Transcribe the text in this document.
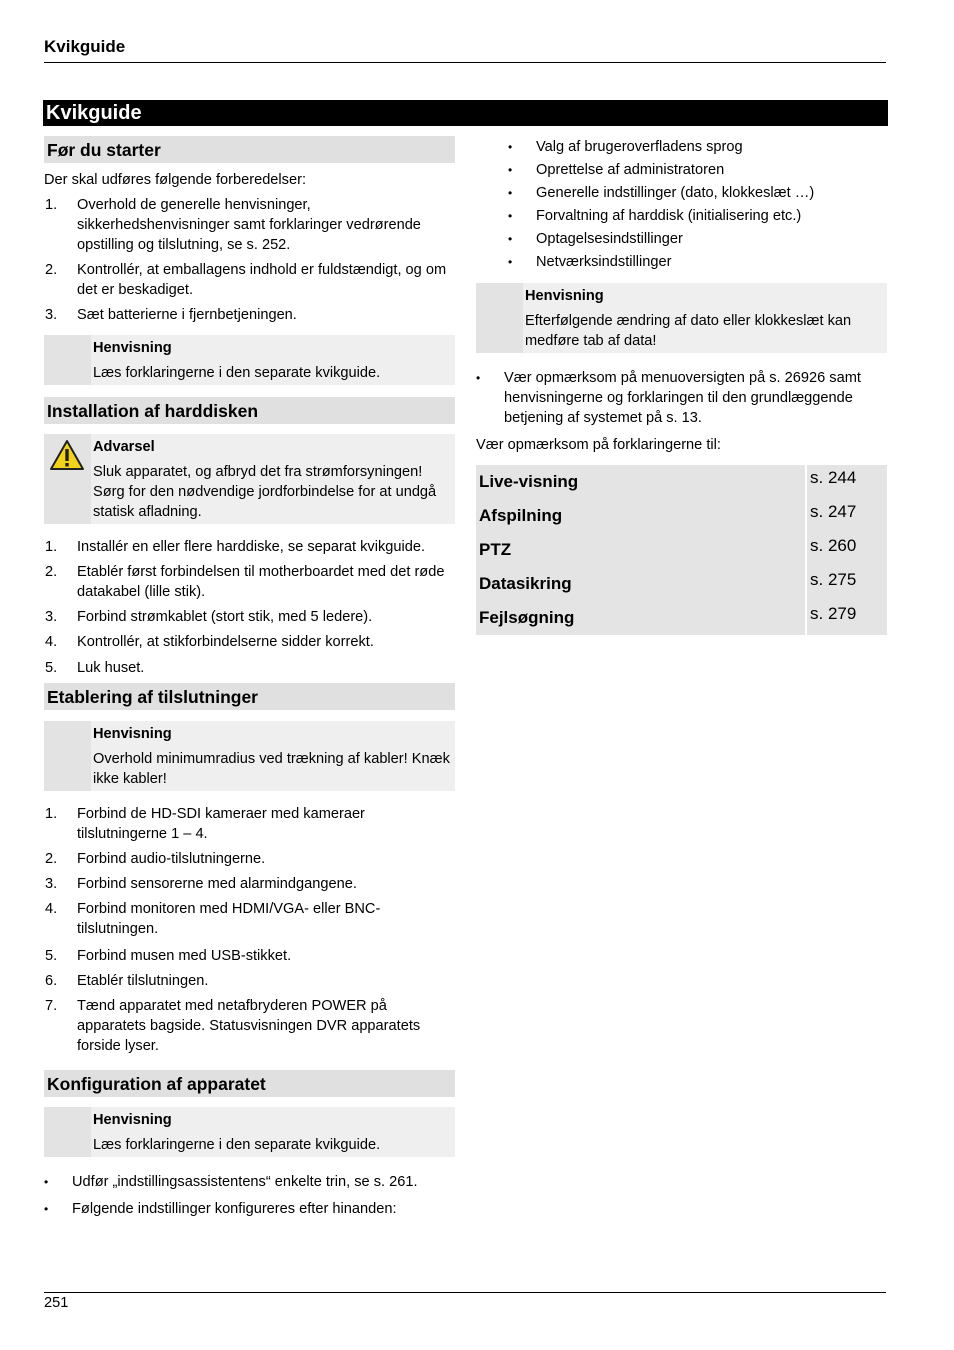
Kvikguide
Kvikguide
Før du starter

Der skal udføres følgende forberedelser:

1. Overhold de generelle henvisninger, sikkerhedshenvisninger samt forklaringer vedrørende opstilling og tilslutning, se s. 252.
2. Kontrollér, at emballagens indhold er fuldstændigt, og om det er beskadiget.
3. Sæt batterierne i fjernbetjeningen.
Henvisning
Læs forklaringerne i den separate kvikguide.
Installation af harddisken
Advarsel
Sluk apparatet, og afbryd det fra strømforsyningen!
Sørg for den nødvendige jordforbindelse for at undgå statisk afladning.
1. Installér en eller flere harddiske, se separat kvikguide.
2. Etablér først forbindelsen til motherboardet med det røde datakabel (lille stik).
3. Forbind strømkablet (stort stik, med 5 ledere).
4. Kontrollér, at stikforbindelserne sidder korrekt.
5. Luk huset.
Etablering af tilslutninger
Henvisning
Overhold minimumradius ved trækning af kabler! Knæk ikke kabler!
1. Forbind de HD-SDI kameraer med kameraer tilslutningerne 1 – 4.
2. Forbind audio-tilslutningerne.
3. Forbind sensorerne med alarmindgangene.
4. Forbind monitoren med HDMI/VGA- eller BNC-tilslutningen.
5. Forbind musen med USB-stikket.
6. Etablér tilslutningen.
7. Tænd apparatet med netafbryderen POWER på apparatets bagside. Statusvisningen DVR apparatets forside lyser.
Konfiguration af apparatet
Henvisning
Læs forklaringerne i den separate kvikguide.
• Udfør „indstillingsassistentens“ enkelte trin, se s. 261.
• Følgende indstillinger konfigureres efter hinanden:
• Valg af brugeroverfladens sprog
• Oprettelse af administratoren
• Generelle indstillinger (dato, klokkeslæt …)
• Forvaltning af harddisk (initialisering etc.)
• Optagelsesindstillinger
• Netværksindstillinger
Henvisning
Efterfølgende ændring af dato eller klokkeslæt kan medføre tab af data!
• Vær opmærksom på menuoversigten på s. 26926 samt henvisningerne og forklaringen til den grundlæggende betjening af systemet på s. 13.

Vær opmærksom på forklaringerne til:

Live-visning
Afspilning
PTZ
Datasikring
Fejlsøgning
s. 244
s. 247
s. 260
s. 275
s. 279
251
